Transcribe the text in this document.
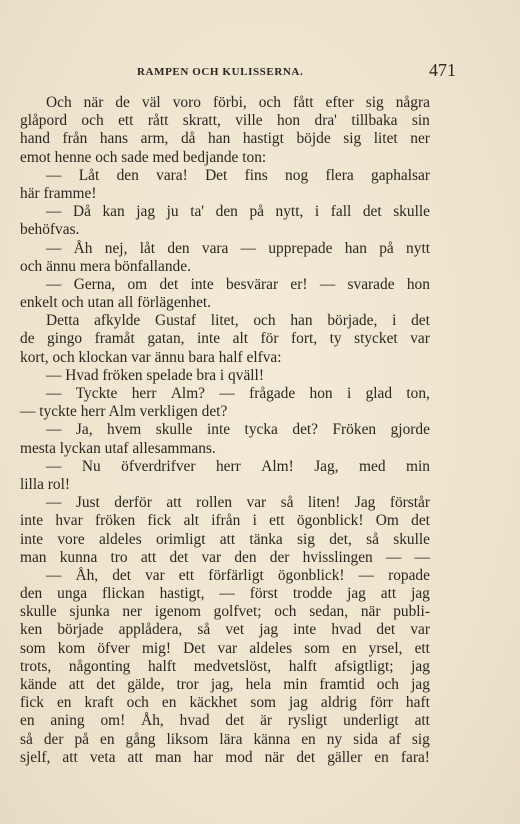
RAMPEN OCH KULISSERNA.	471
Och när de väl voro förbi, och fått efter sig några
glåpord och ett rått skratt, ville hon dra' tillbaka sin
hand från hans arm, då han hastigt böjde sig litet ner
emot henne och sade med bedjande ton:
— Låt den vara! Det fins nog flera gaphalsar
här framme!
— Då kan jag ju ta' den på nytt, i fall det skulle
behöfvas.
— Åh nej, låt den vara — upprepade han på nytt
och ännu mera bönfallande.
— Gerna, om det inte besvärar er! — svarade hon
enkelt och utan all förlägenhet.
Detta afkylde Gustaf litet, och han började, i det
de gingo framåt gatan, inte alt för fort, ty stycket var
kort, och klockan var ännu bara half elfva:
— Hvad fröken spelade bra i qväll!
— Tyckte herr Alm? — frågade hon i glad ton,
— tyckte herr Alm verkligen det?
— Ja, hvem skulle inte tycka det? Fröken gjorde
mesta lyckan utaf allesammans.
— Nu öfverdrifver herr Alm! Jag, med min
lilla rol!
— Just derför att rollen var så liten! Jag förstår
inte hvar fröken fick alt ifrån i ett ögonblick! Om det
inte vore aldeles orimligt att tänka sig det, så skulle
man kunna tro att det var den der hvisslingen — —
— Åh, det var ett förfärligt ögonblick! — ropade
den unga flickan hastigt, — först trodde jag att jag
skulle sjunka ner igenom golfvet; och sedan, när publi-
ken började applådera, så vet jag inte hvad det var
som kom öfver mig! Det var aldeles som en yrsel, ett
trots, någonting halft medvetslöst, halft afsigtligt; jag
kände att det gälde, tror jag, hela min framtid och jag
fick en kraft och en käckhet som jag aldrig förr haft
en aning om! Åh, hvad det är rysligt underligt att
så der på en gång liksom lära känna en ny sida af sig
sjelf, att veta att man har mod när det gäller en fara!
